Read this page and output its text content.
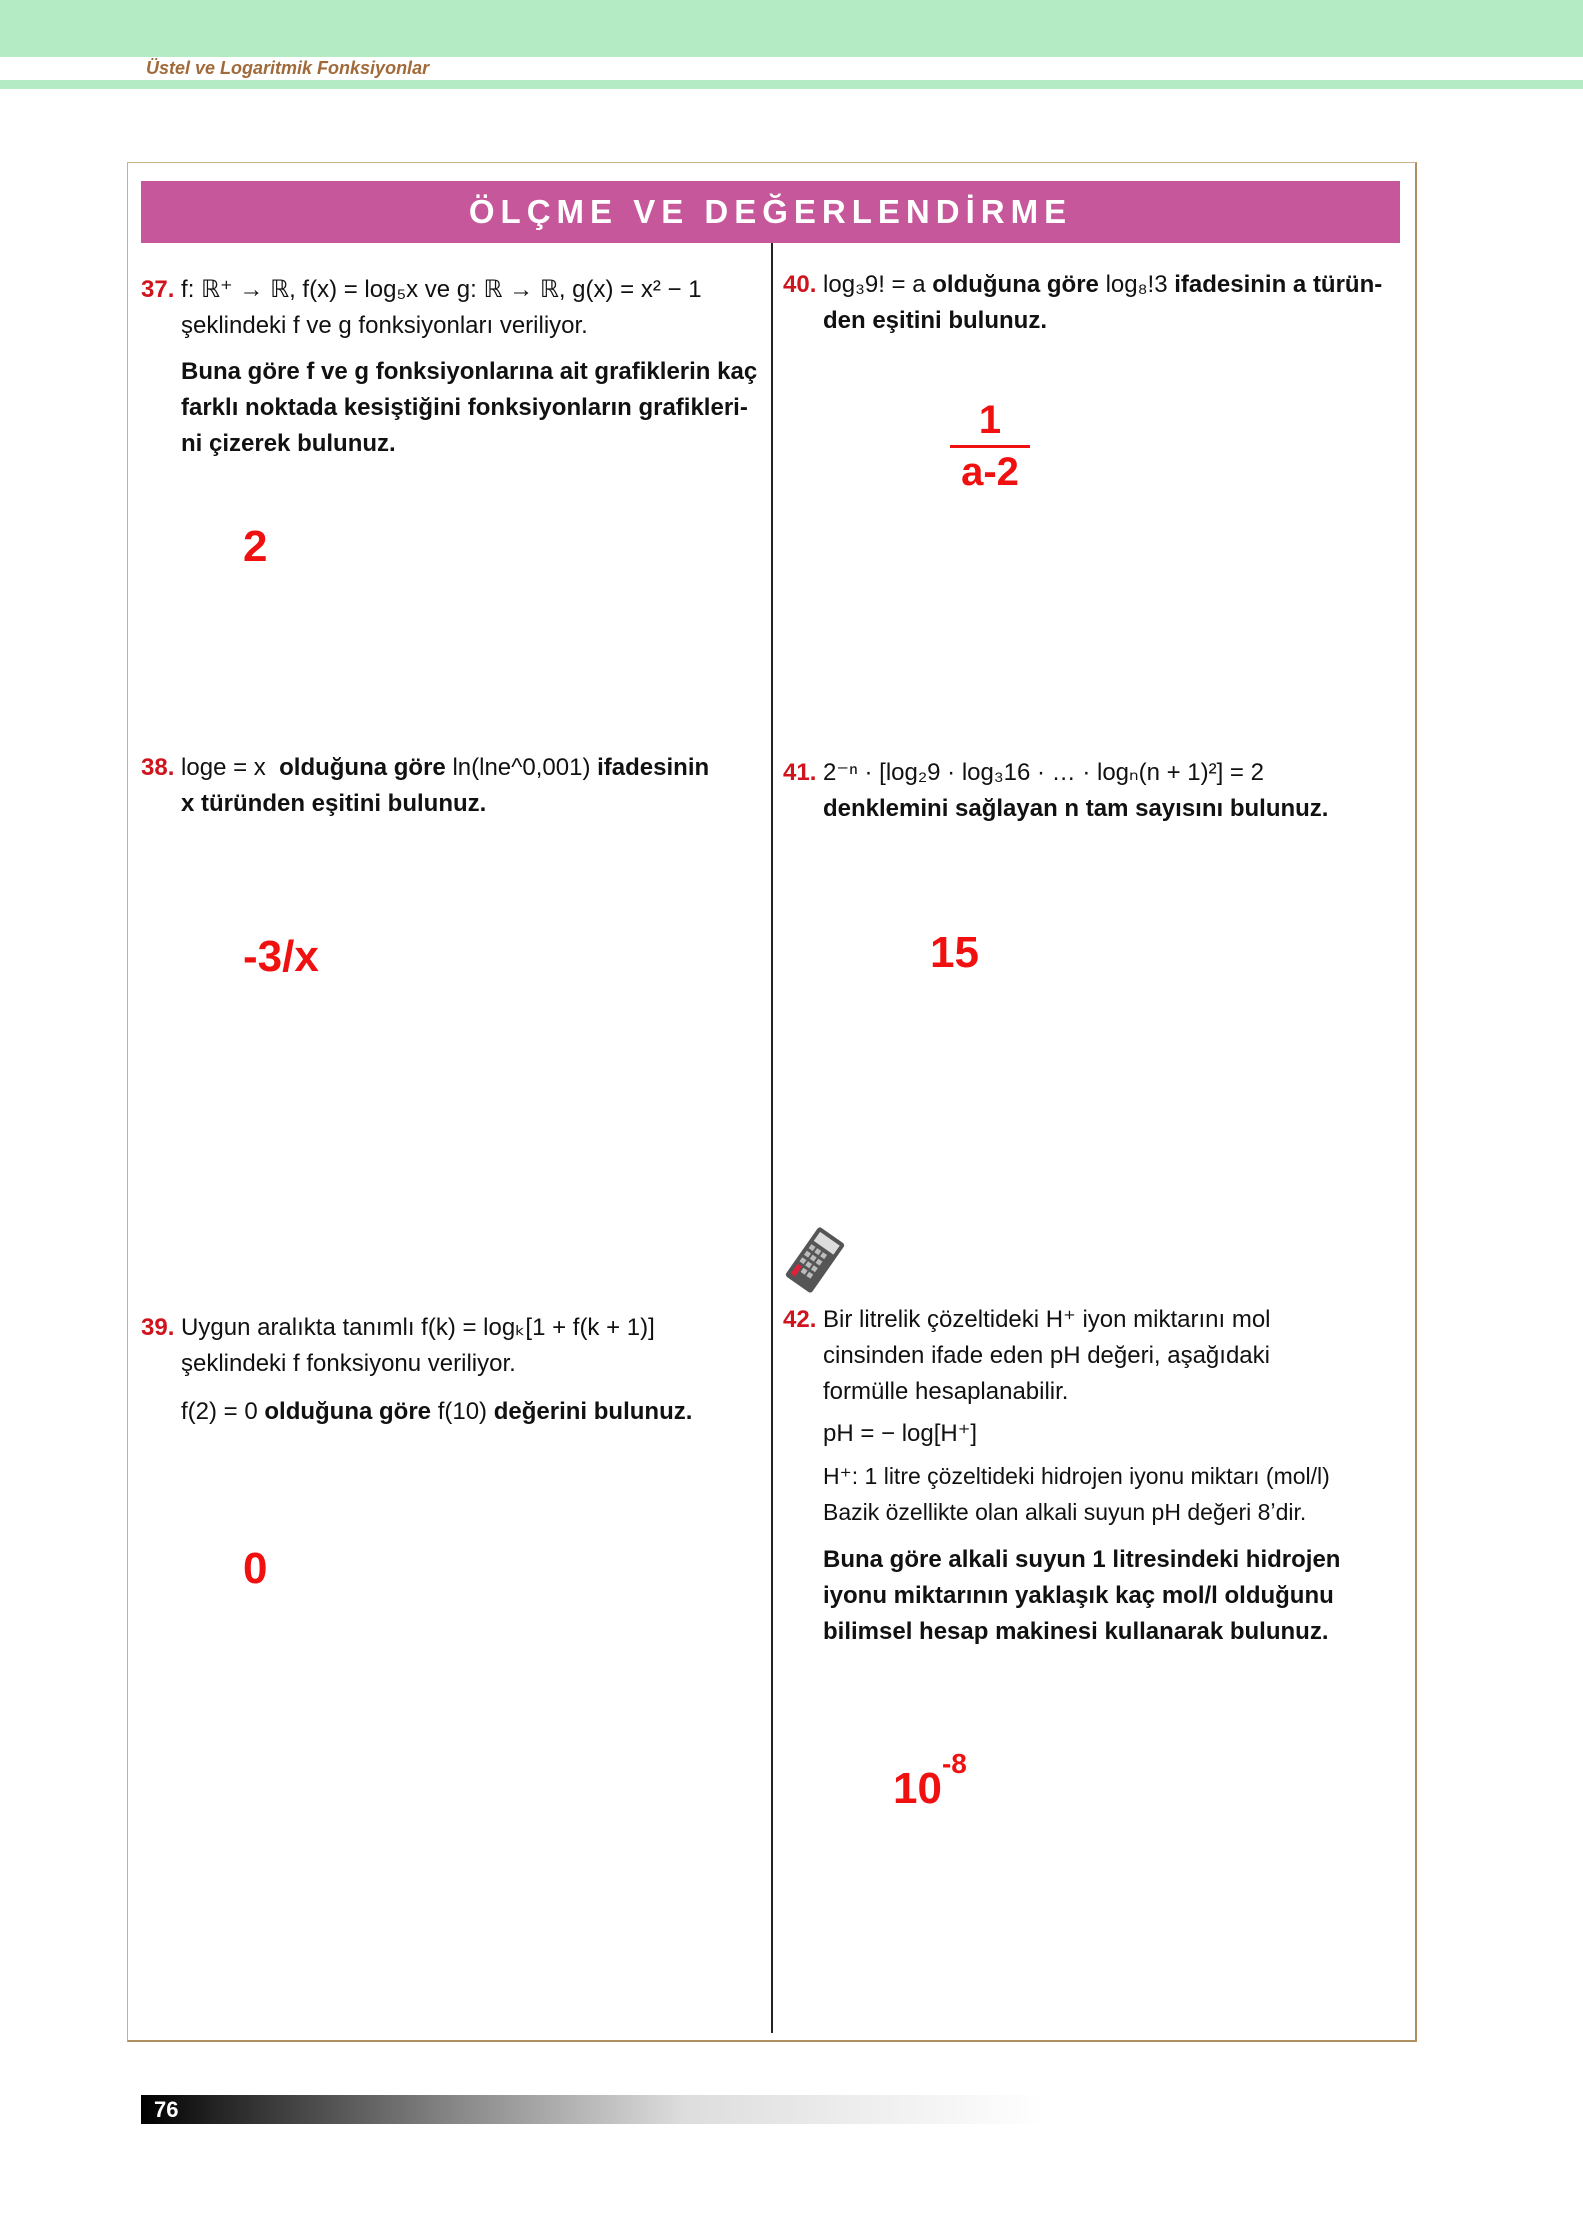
Üstel ve Logaritmik Fonksiyonlar
ÖLÇME VE DEĞERLENDİRME
37. f: ℝ⁺ → ℝ, f(x) = log₅x ve g: ℝ → ℝ, g(x) = x² − 1
şeklindeki f ve g fonksiyonları veriliyor.
Buna göre f ve g fonksiyonlarına ait grafiklerin kaç farklı noktada kesiştiğini fonksiyonların grafikleri-ni çizerek bulunuz.
2
38. loge = x olduğuna göre ln(lne^0,001) ifadesinin
x türünden eşitini bulunuz.
-3/x
39. Uygun aralıkta tanımlı f(k) = logₖ[1 + f(k + 1)]
şeklindeki f fonksiyonu veriliyor.
f(2) = 0 olduğuna göre f(10) değerini bulunuz.
0
40. log₃9! = a olduğuna göre log₈!3 ifadesinin a türün-
den eşitini bulunuz.
1
a-2
41. 2⁻ⁿ · [log₂9 · log₃16 · … · logₙ(n + 1)²] = 2
denklemini sağlayan n tam sayısını bulunuz.
15
42. Bir litrelik çözeltideki H⁺ iyon miktarını mol
cinsinden ifade eden pH değeri, aşağıdaki
formülle hesaplanabilir.
pH = − log[H⁺]
H⁺: 1 litre çözeltideki hidrojen iyonu miktarı (mol/l)
Bazik özellikte olan alkali suyun pH değeri 8ʼdir.
Buna göre alkali suyun 1 litresindeki hidrojen iyonu miktarının yaklaşık kaç mol/l olduğunu bilimsel hesap makinesi kullanarak bulunuz.
$10^{-8}$
76
